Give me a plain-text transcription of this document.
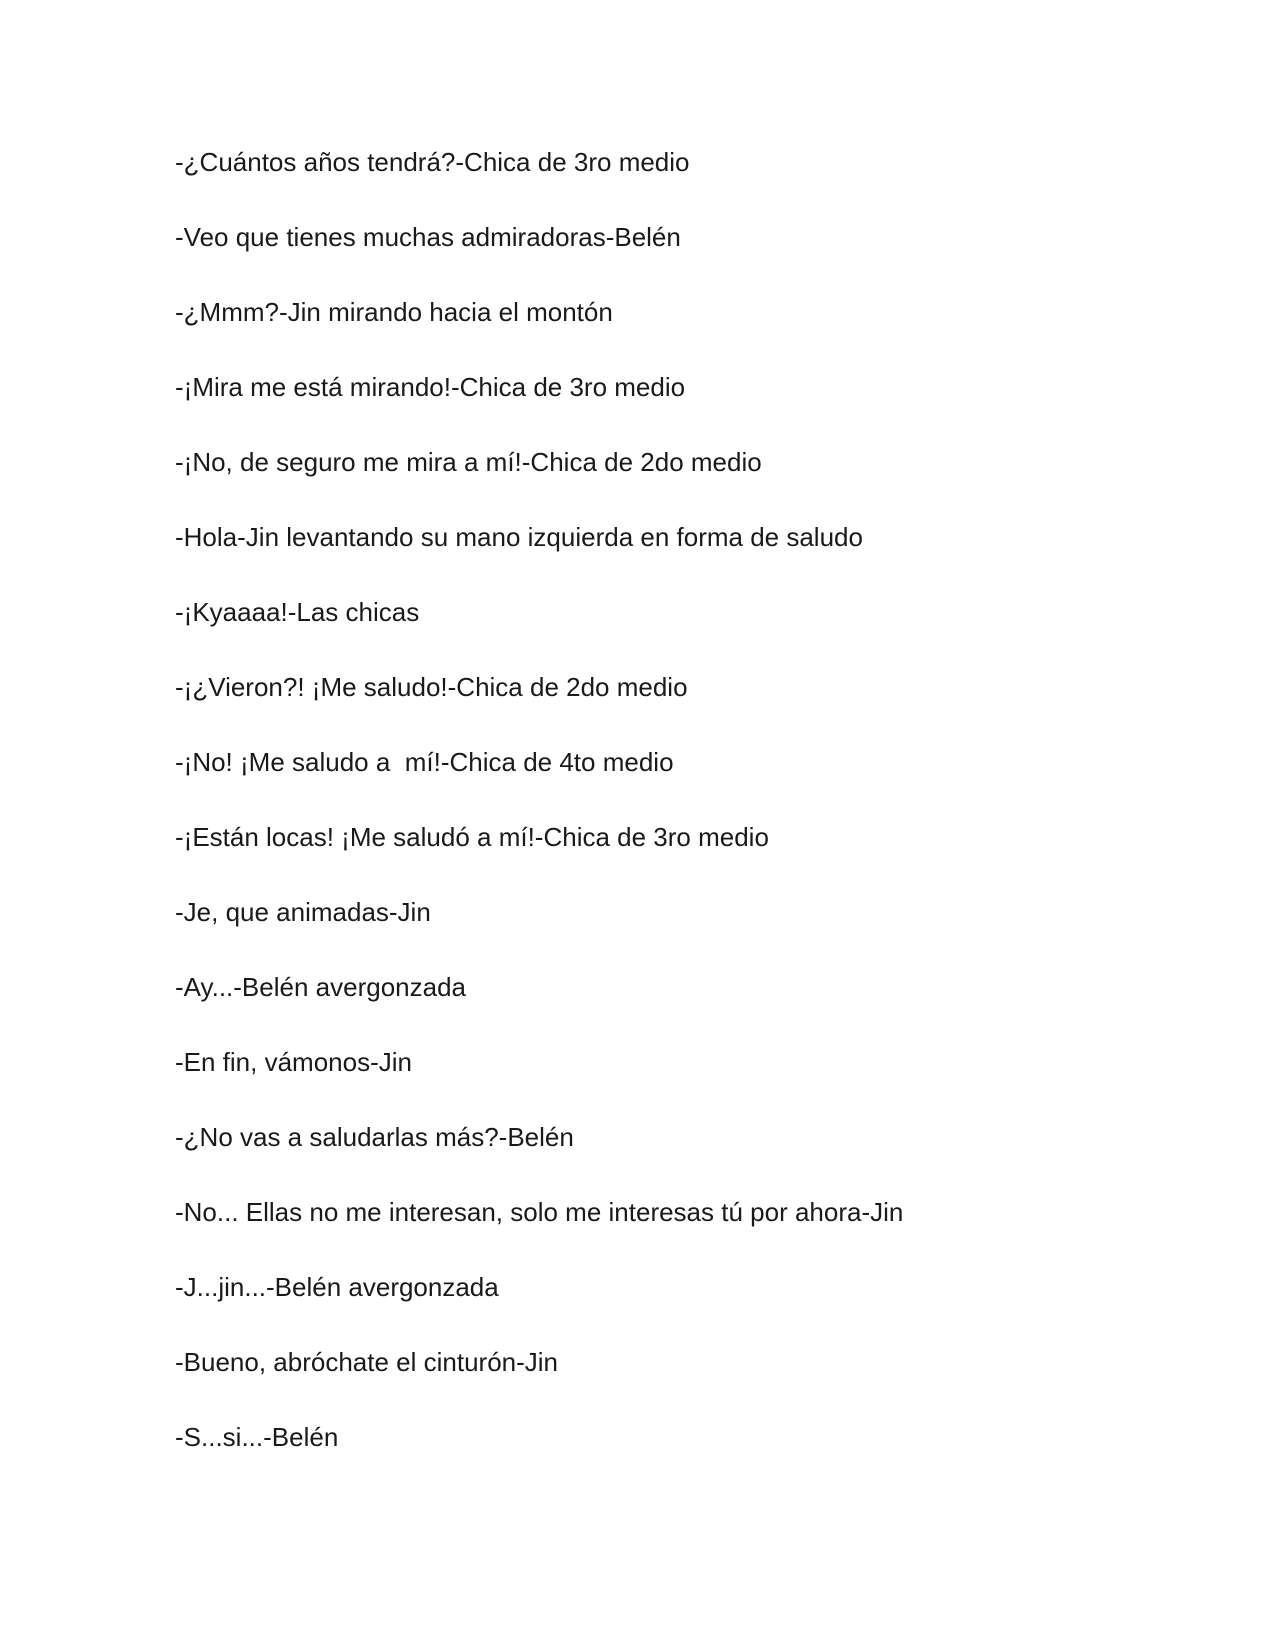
-¿Cuántos años tendrá?-Chica de 3ro medio

-Veo que tienes muchas admiradoras-Belén

-¿Mmm?-Jin mirando hacia el montón

-¡Mira me está mirando!-Chica de 3ro medio

-¡No, de seguro me mira a mí!-Chica de 2do medio

-Hola-Jin levantando su mano izquierda en forma de saludo

-¡Kyaaaa!-Las chicas

-¡¿Vieron?! ¡Me saludo!-Chica de 2do medio

-¡No! ¡Me saludo a  mí!-Chica de 4to medio

-¡Están locas! ¡Me saludó a mí!-Chica de 3ro medio

-Je, que animadas-Jin

-Ay...-Belén avergonzada

-En fin, vámonos-Jin

-¿No vas a saludarlas más?-Belén

-No... Ellas no me interesan, solo me interesas tú por ahora-Jin

-J...jin...-Belén avergonzada

-Bueno, abróchate el cinturón-Jin

-S...si...-Belén
